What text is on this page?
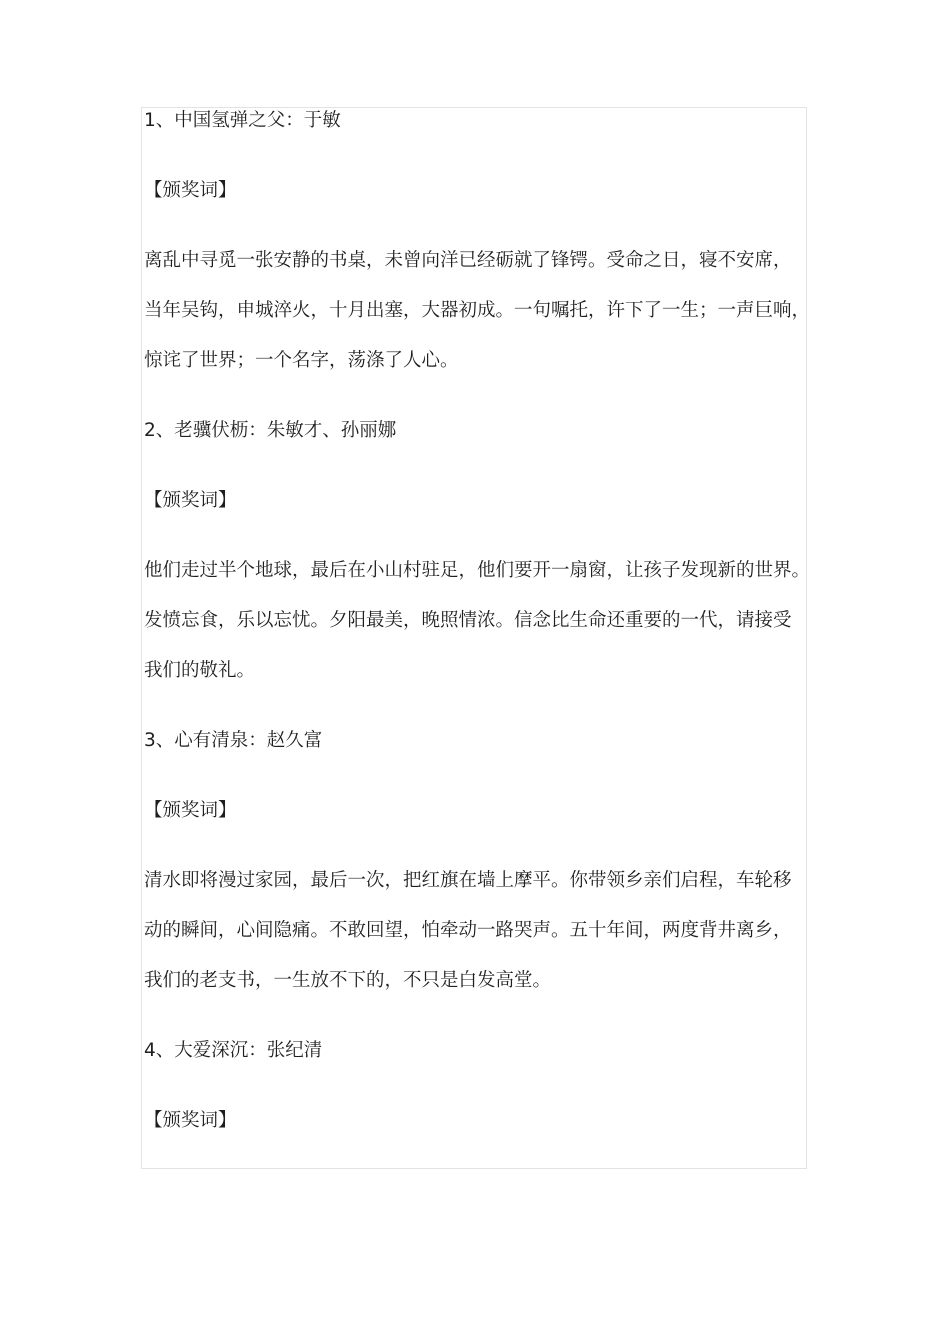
1、中国氢弹之父：于敏

【颁奖词】

离乱中寻觅一张安静的书桌，未曾向洋已经砺就了锋锷。受命之日，寝不安席，

当年吴钩，申城淬火，十月出塞，大器初成。一句嘱托，许下了一生；一声巨响，

惊诧了世界；一个名字，荡涤了人心。

2、老骥伏枥：朱敏才、孙丽娜

【颁奖词】

他们走过半个地球，最后在小山村驻足，他们要开一扇窗，让孩子发现新的世界。

发愤忘食，乐以忘忧。夕阳最美，晚照情浓。信念比生命还重要的一代，请接受

我们的敬礼。

3、心有清泉：赵久富

【颁奖词】

清水即将漫过家园，最后一次，把红旗在墙上摩平。你带领乡亲们启程，车轮移

动的瞬间，心间隐痛。不敢回望，怕牵动一路哭声。五十年间，两度背井离乡，

我们的老支书，一生放不下的，不只是白发高堂。

4、大爱深沉：张纪清

【颁奖词】
